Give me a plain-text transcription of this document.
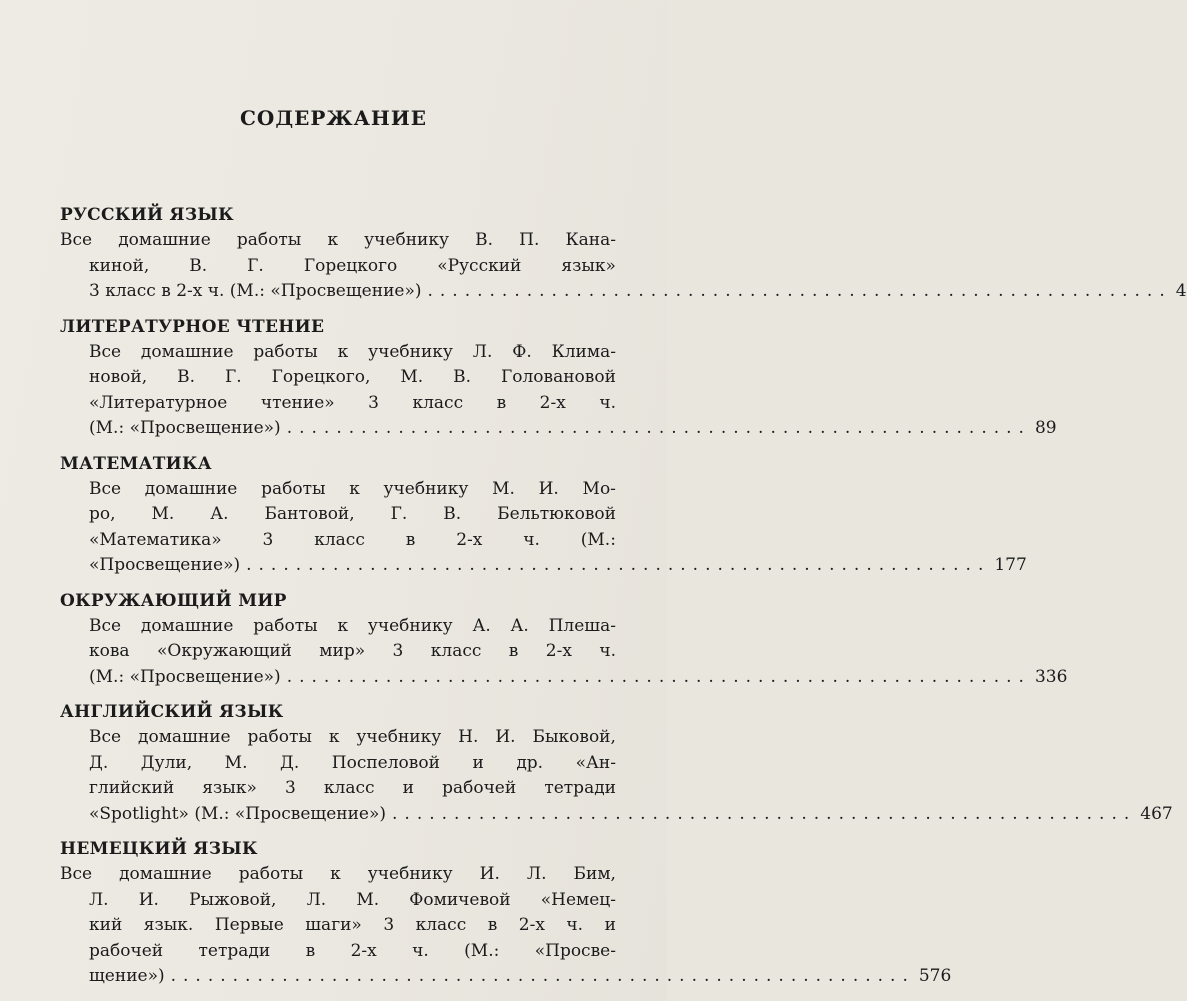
СОДЕРЖАНИЕ
РУССКИЙ ЯЗЫК
Все домашние работы к учебнику В. П. Кана-
киной, В. Г. Горецкого «Русский язык»
3 класс в 2-х ч. (М.: «Просвещение») ............................................................ 4
ЛИТЕРАТУРНОЕ ЧТЕНИЕ
Все домашние работы к учебнику Л. Ф. Клима-
новой, В. Г. Горецкого, М. В. Головановой
«Литературное чтение» 3 класс в 2-х ч.
(М.: «Просвещение») ............................................................ 89
МАТЕМАТИКА
Все домашние работы к учебнику М. И. Мо-
ро, М. А. Бантовой, Г. В. Бельтюковой
«Математика» 3 класс в 2-х ч. (М.:
«Просвещение») ............................................................ 177
ОКРУЖАЮЩИЙ МИР
Все домашние работы к учебнику А. А. Плеша-
кова «Окружающий мир» 3 класс в 2-х ч.
(М.: «Просвещение») ............................................................ 336
АНГЛИЙСКИЙ ЯЗЫК
Все домашние работы к учебнику Н. И. Быковой,
Д. Дули, М. Д. Поспеловой и др. «Ан-
глийский язык» 3 класс и рабочей тетради
«Spotlight» (М.: «Просвещение») ............................................................ 467
НЕМЕЦКИЙ ЯЗЫК
Все домашние работы к учебнику И. Л. Бим,
Л. И. Рыжовой, Л. М. Фомичевой «Немец-
кий язык. Первые шаги» 3 класс в 2-х ч. и
рабочей тетради в 2-х ч. (М.: «Просве-
щение») ............................................................ 576
